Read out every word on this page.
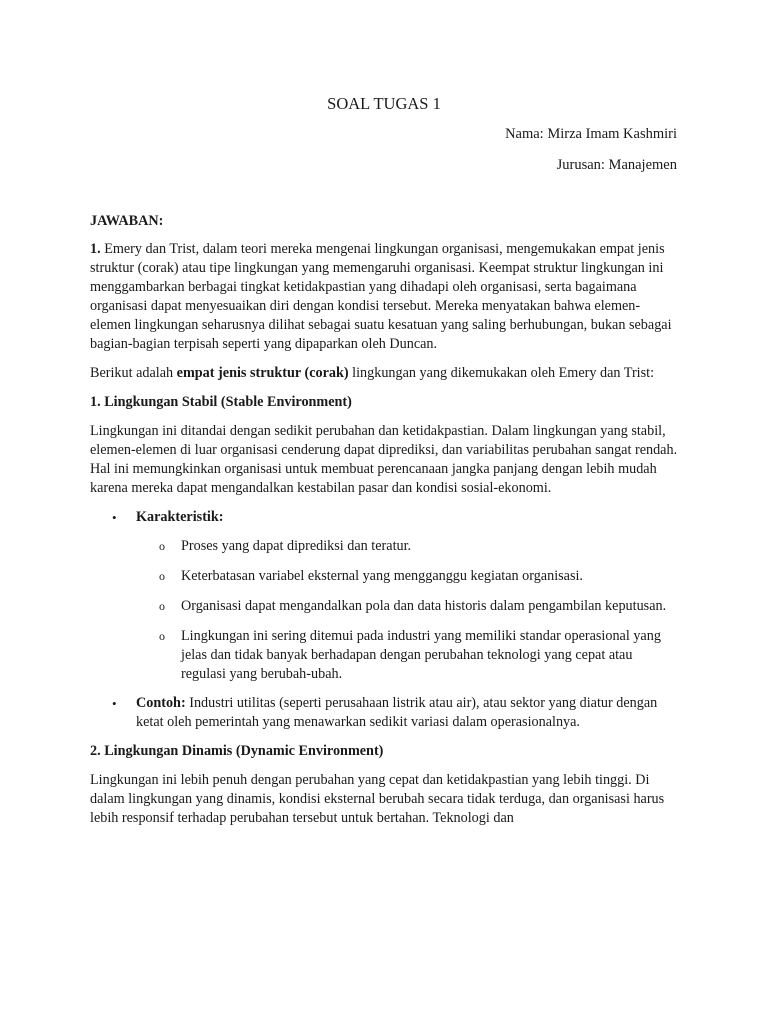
SOAL TUGAS 1
Nama: Mirza Imam Kashmiri
Jurusan: Manajemen

JAWABAN:

1. Emery dan Trist, dalam teori mereka mengenai lingkungan organisasi, mengemukakan empat jenis struktur (corak) atau tipe lingkungan yang memengaruhi organisasi. Keempat struktur lingkungan ini menggambarkan berbagai tingkat ketidakpastian yang dihadapi oleh organisasi, serta bagaimana organisasi dapat menyesuaikan diri dengan kondisi tersebut. Mereka menyatakan bahwa elemen-elemen lingkungan seharusnya dilihat sebagai suatu kesatuan yang saling berhubungan, bukan sebagai bagian-bagian terpisah seperti yang dipaparkan oleh Duncan.

Berikut adalah empat jenis struktur (corak) lingkungan yang dikemukakan oleh Emery dan Trist:

1. Lingkungan Stabil (Stable Environment)

Lingkungan ini ditandai dengan sedikit perubahan dan ketidakpastian. Dalam lingkungan yang stabil, elemen-elemen di luar organisasi cenderung dapat diprediksi, dan variabilitas perubahan sangat rendah. Hal ini memungkinkan organisasi untuk membuat perencanaan jangka panjang dengan lebih mudah karena mereka dapat mengandalkan kestabilan pasar dan kondisi sosial-ekonomi.

• Karakteristik:
o Proses yang dapat diprediksi dan teratur.
o Keterbatasan variabel eksternal yang mengganggu kegiatan organisasi.
o Organisasi dapat mengandalkan pola dan data historis dalam pengambilan keputusan.
o Lingkungan ini sering ditemui pada industri yang memiliki standar operasional yang jelas dan tidak banyak berhadapan dengan perubahan teknologi yang cepat atau regulasi yang berubah-ubah.
• Contoh: Industri utilitas (seperti perusahaan listrik atau air), atau sektor yang diatur dengan ketat oleh pemerintah yang menawarkan sedikit variasi dalam operasionalnya.

2. Lingkungan Dinamis (Dynamic Environment)

Lingkungan ini lebih penuh dengan perubahan yang cepat dan ketidakpastian yang lebih tinggi. Di dalam lingkungan yang dinamis, kondisi eksternal berubah secara tidak terduga, dan organisasi harus lebih responsif terhadap perubahan tersebut untuk bertahan. Teknologi dan
